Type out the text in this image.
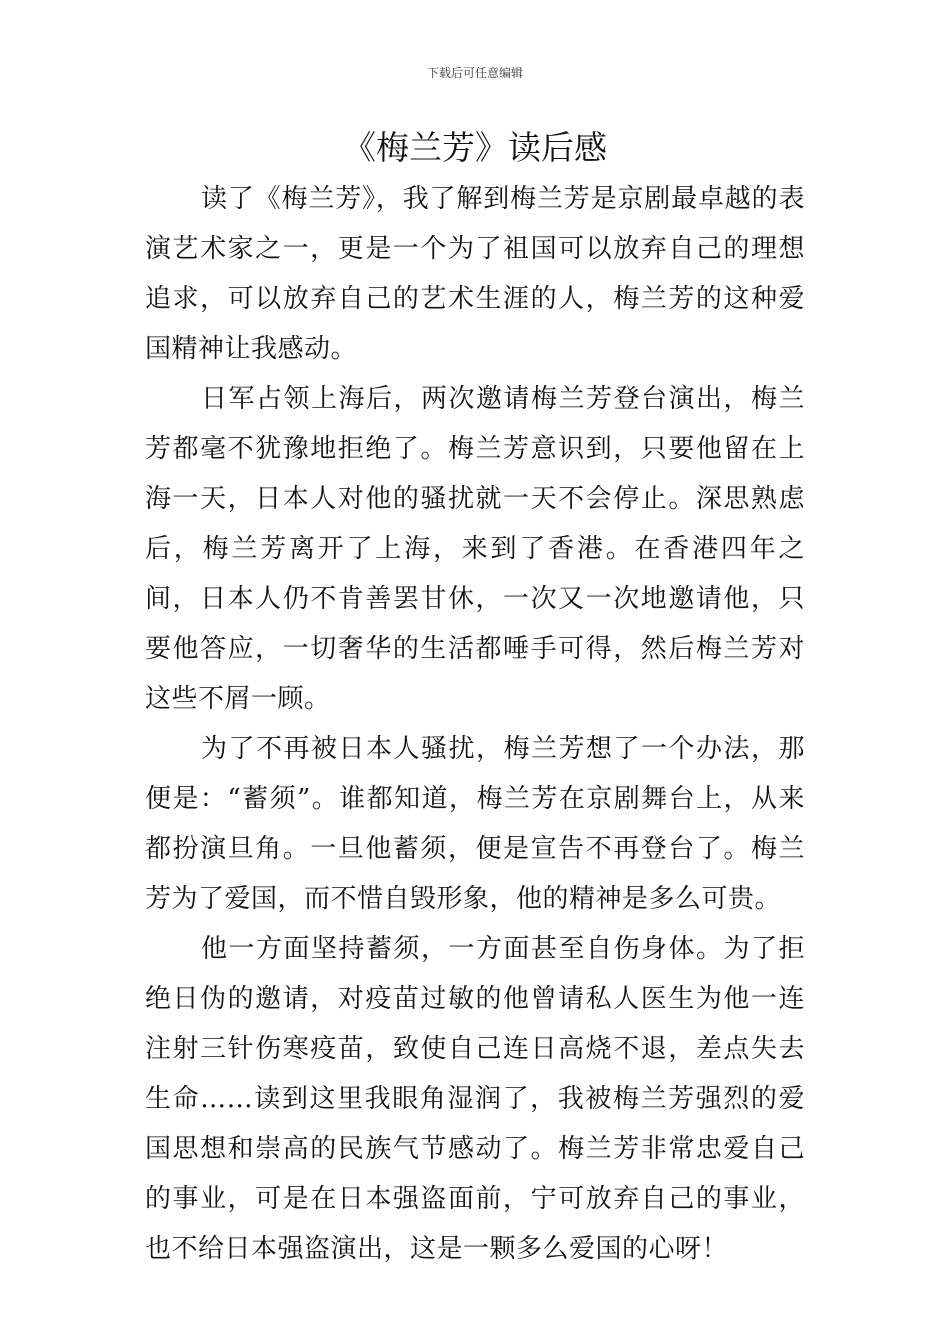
下载后可任意编辑
《梅兰芳》读后感

读了《梅兰芳》，我了解到梅兰芳是京剧最卓越的表演艺术家之一，更是一个为了祖国可以放弃自己的理想追求，可以放弃自己的艺术生涯的人，梅兰芳的这种爱国精神让我感动。

日军占领上海后，两次邀请梅兰芳登台演出，梅兰芳都毫不犹豫地拒绝了。梅兰芳意识到，只要他留在上海一天，日本人对他的骚扰就一天不会停止。深思熟虑后，梅兰芳离开了上海，来到了香港。在香港四年之间，日本人仍不肯善罢甘休，一次又一次地邀请他，只要他答应，一切奢华的生活都唾手可得，然后梅兰芳对这些不屑一顾。

为了不再被日本人骚扰，梅兰芳想了一个办法，那便是：“蓄须”。谁都知道，梅兰芳在京剧舞台上，从来都扮演旦角。一旦他蓄须，便是宣告不再登台了。梅兰芳为了爱国，而不惜自毁形象，他的精神是多么可贵。

他一方面坚持蓄须，一方面甚至自伤身体。为了拒绝日伪的邀请，对疫苗过敏的他曾请私人医生为他一连注射三针伤寒疫苗，致使自己连日高烧不退，差点失去生命……读到这里我眼角湿润了，我被梅兰芳强烈的爱国思想和崇高的民族气节感动了。梅兰芳非常忠爱自己的事业，可是在日本强盗面前，宁可放弃自己的事业，也不给日本强盗演出，这是一颗多么爱国的心呀！
